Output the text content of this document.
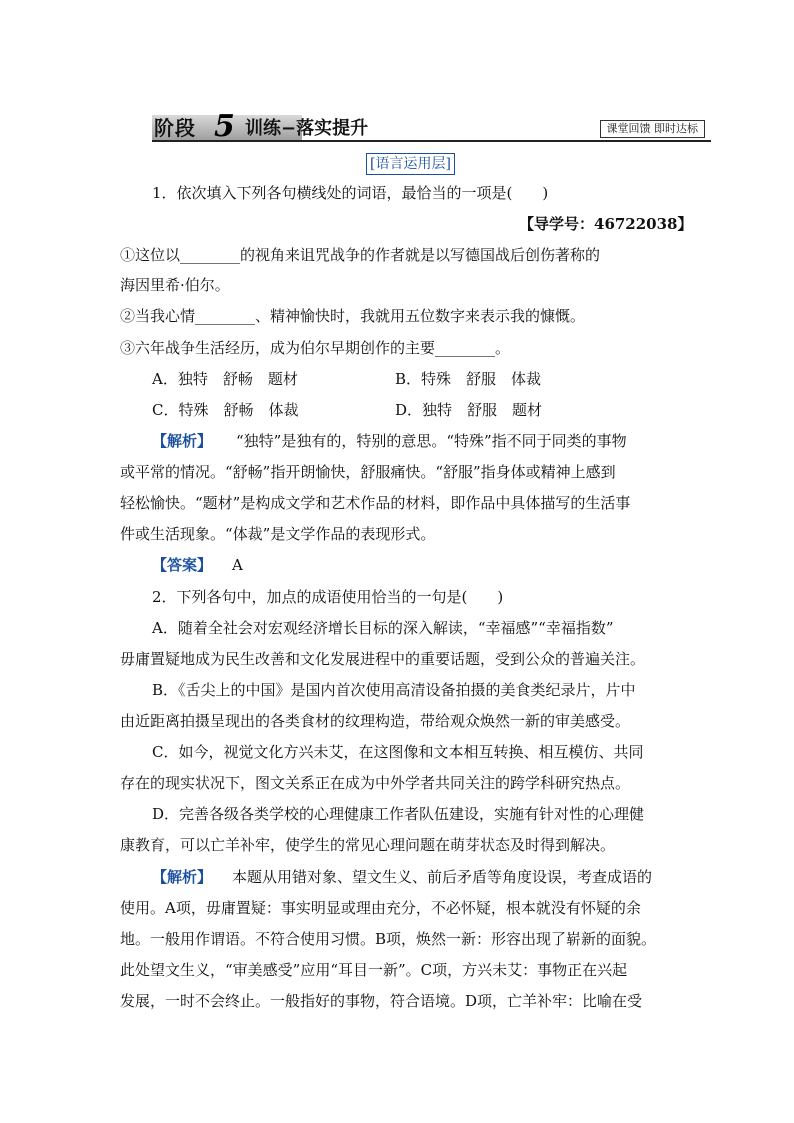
阶段 5 训练−落实提升	课堂回馈 即时达标
[语言运用层]
1．依次填入下列各句横线处的词语，最恰当的一项是(　　)
【导学号：46722038】
①这位以________的视角来诅咒战争的作者就是以写德国战后创伤著称的
海因里希·伯尔。
②当我心情________、精神愉快时，我就用五位数字来表示我的慷慨。
③六年战争生活经历，成为伯尔早期创作的主要________。
A．独特　舒畅　题材	B．特殊　舒服　体裁
C．特殊　舒畅　体裁	D．独特　舒服　题材
【解析】 “独特”是独有的，特别的意思。“特殊”指不同于同类的事物
或平常的情况。“舒畅”指开朗愉快，舒服痛快。“舒服”指身体或精神上感到
轻松愉快。“题材”是构成文学和艺术作品的材料，即作品中具体描写的生活事
件或生活现象。“体裁”是文学作品的表现形式。
【答案】 A
2．下列各句中，加点的成语使用恰当的一句是(　　)
A．随着全社会对宏观经济增长目标的深入解读，“幸福感”“幸福指数”
毋庸置疑地成为民生改善和文化发展进程中的重要话题，受到公众的普遍关注。
B．《舌尖上的中国》是国内首次使用高清设备拍摄的美食类纪录片，片中
由近距离拍摄呈现出的各类食材的纹理构造，带给观众焕然一新的审美感受。
C．如今，视觉文化方兴未艾，在这图像和文本相互转换、相互模仿、共同
存在的现实状况下，图文关系正在成为中外学者共同关注的跨学科研究热点。
D．完善各级各类学校的心理健康工作者队伍建设，实施有针对性的心理健
康教育，可以亡羊补牢，使学生的常见心理问题在萌芽状态及时得到解决。
【解析】 本题从用错对象、望文生义、前后矛盾等角度设误，考查成语的
使用。A项，毋庸置疑：事实明显或理由充分，不必怀疑，根本就没有怀疑的余
地。一般用作谓语。不符合使用习惯。B项，焕然一新：形容出现了崭新的面貌。
此处望文生义，“审美感受”应用“耳目一新”。C项，方兴未艾：事物正在兴起
发展，一时不会终止。一般指好的事物，符合语境。D项，亡羊补牢：比喻在受
